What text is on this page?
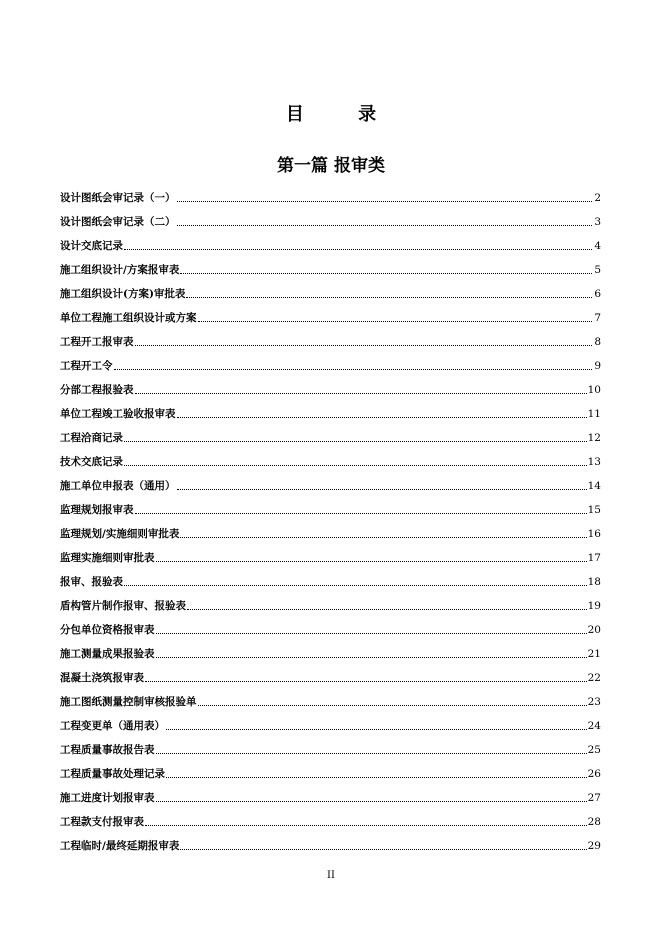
目 录
第一篇 报审类
设计图纸会审记录（一）	2
设计图纸会审记录（二）	3
设计交底记录	4
施工组织设计/方案报审表	5
施工组织设计(方案)审批表	6
单位工程施工组织设计或方案	7
工程开工报审表	8
工程开工令	9
分部工程报验表	10
单位工程竣工验收报审表	11
工程洽商记录	12
技术交底记录	13
施工单位申报表（通用）	14
监理规划报审表	15
监理规划/实施细则审批表	16
监理实施细则审批表	17
报审、报验表	18
盾构管片制作报审、报验表	19
分包单位资格报审表	20
施工测量成果报验表	21
混凝土浇筑报审表	22
施工图纸测量控制审核报验单	23
工程变更单（通用表）	24
工程质量事故报告表	25
工程质量事故处理记录	26
施工进度计划报审表	27
工程款支付报审表	28
工程临时/最终延期报审表	29
II
